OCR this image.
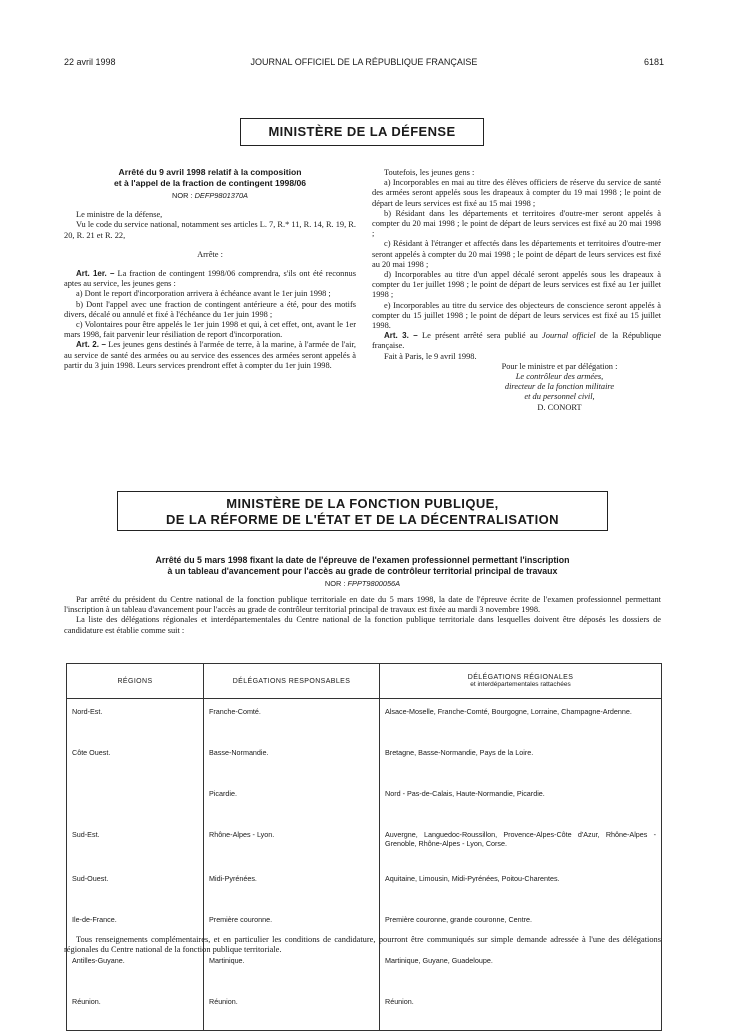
22 avril 1998	JOURNAL OFFICIEL DE LA RÉPUBLIQUE FRANÇAISE	6181
MINISTÈRE DE LA DÉFENSE
Arrêté du 9 avril 1998 relatif à la composition
et à l'appel de la fraction de contingent 1998/06
NOR : DEFP9801370A

Le ministre de la défense,

Vu le code du service national, notamment ses articles L. 7, R.* 11, R. 14, R. 19, R. 20, R. 21 et R. 22,

Arrête :

Art. 1er. – La fraction de contingent 1998/06 comprendra, s'ils ont été reconnus aptes au service, les jeunes gens :

a) Dont le report d'incorporation arrivera à échéance avant le 1er juin 1998 ;

b) Dont l'appel avec une fraction de contingent antérieure a été, pour des motifs divers, décalé ou annulé et fixé à l'échéance du 1er juin 1998 ;

c) Volontaires pour être appelés le 1er juin 1998 et qui, à cet effet, ont, avant le 1er mars 1998, fait parvenir leur résiliation de report d'incorporation.

Art. 2. – Les jeunes gens destinés à l'armée de terre, à la marine, à l'armée de l'air, au service de santé des armées ou au service des essences des armées seront appelés à partir du 3 juin 1998. Leurs services prendront effet à compter du 1er juin 1998.

Toutefois, les jeunes gens :

a) Incorporables en mai au titre des élèves officiers de réserve du service de santé des armées seront appelés sous les drapeaux à compter du 19 mai 1998 ; le point de départ de leurs services est fixé au 15 mai 1998 ;

b) Résidant dans les départements et territoires d'outre-mer seront appelés à compter du 20 mai 1998 ; le point de départ de leurs services est fixé au 20 mai 1998 ;

c) Résidant à l'étranger et affectés dans les départements et territoires d'outre-mer seront appelés à compter du 20 mai 1998 ; le point de départ de leurs services est fixé au 20 mai 1998 ;

d) Incorporables au titre d'un appel décalé seront appelés sous les drapeaux à compter du 1er juillet 1998 ; le point de départ de leurs services est fixé au 1er juillet 1998 ;

e) Incorporables au titre du service des objecteurs de conscience seront appelés à compter du 15 juillet 1998 ; le point de départ de leurs services est fixé au 15 juillet 1998.

Art. 3. – Le présent arrêté sera publié au Journal officiel de la République française.

Fait à Paris, le 9 avril 1998.

Pour le ministre et par délégation :
Le contrôleur des armées,
directeur de la fonction militaire
et du personnel civil,
D. CONORT
MINISTÈRE DE LA FONCTION PUBLIQUE,
DE LA RÉFORME DE L'ÉTAT ET DE LA DÉCENTRALISATION
Arrêté du 5 mars 1998 fixant la date de l'épreuve de l'examen professionnel permettant l'inscription
à un tableau d'avancement pour l'accès au grade de contrôleur territorial principal de travaux
NOR : FPPT9800056A

Par arrêté du président du Centre national de la fonction publique territoriale en date du 5 mars 1998, la date de l'épreuve écrite de l'examen professionnel permettant l'inscription à un tableau d'avancement pour l'accès au grade de contrôleur territorial principal de travaux est fixée au mardi 3 novembre 1998.

La liste des délégations régionales et interdépartementales du Centre national de la fonction publique territoriale dans lesquelles doivent être déposés les dossiers de candidature est établie comme suit :

RÉGIONS	DÉLÉGATIONS RESPONSABLES	DÉLÉGATIONS RÉGIONALES
et interdépartementales rattachées

Nord-Est.	Franche-Comté.	Alsace-Moselle, Franche-Comté, Bourgogne, Lorraine, Champagne-Ardenne.
Côte Ouest.	Basse-Normandie.	Bretagne, Basse-Normandie, Pays de la Loire.
	Picardie.	Nord - Pas-de-Calais, Haute-Normandie, Picardie.
Sud-Est.	Rhône-Alpes - Lyon.	Auvergne, Languedoc-Roussillon, Provence-Alpes-Côte d'Azur, Rhône-Alpes - Grenoble, Rhône-Alpes - Lyon, Corse.
Sud-Ouest.	Midi-Pyrénées.	Aquitaine, Limousin, Midi-Pyrénées, Poitou-Charentes.
Ile-de-France.	Première couronne.	Première couronne, grande couronne, Centre.
Antilles-Guyane.	Martinique.	Martinique, Guyane, Guadeloupe.
Réunion.	Réunion.	Réunion.
Tous renseignements complémentaires, et en particulier les conditions de candidature, pourront être communiqués sur simple demande adressée à l'une des délégations régionales du Centre national de la fonction publique territoriale.
